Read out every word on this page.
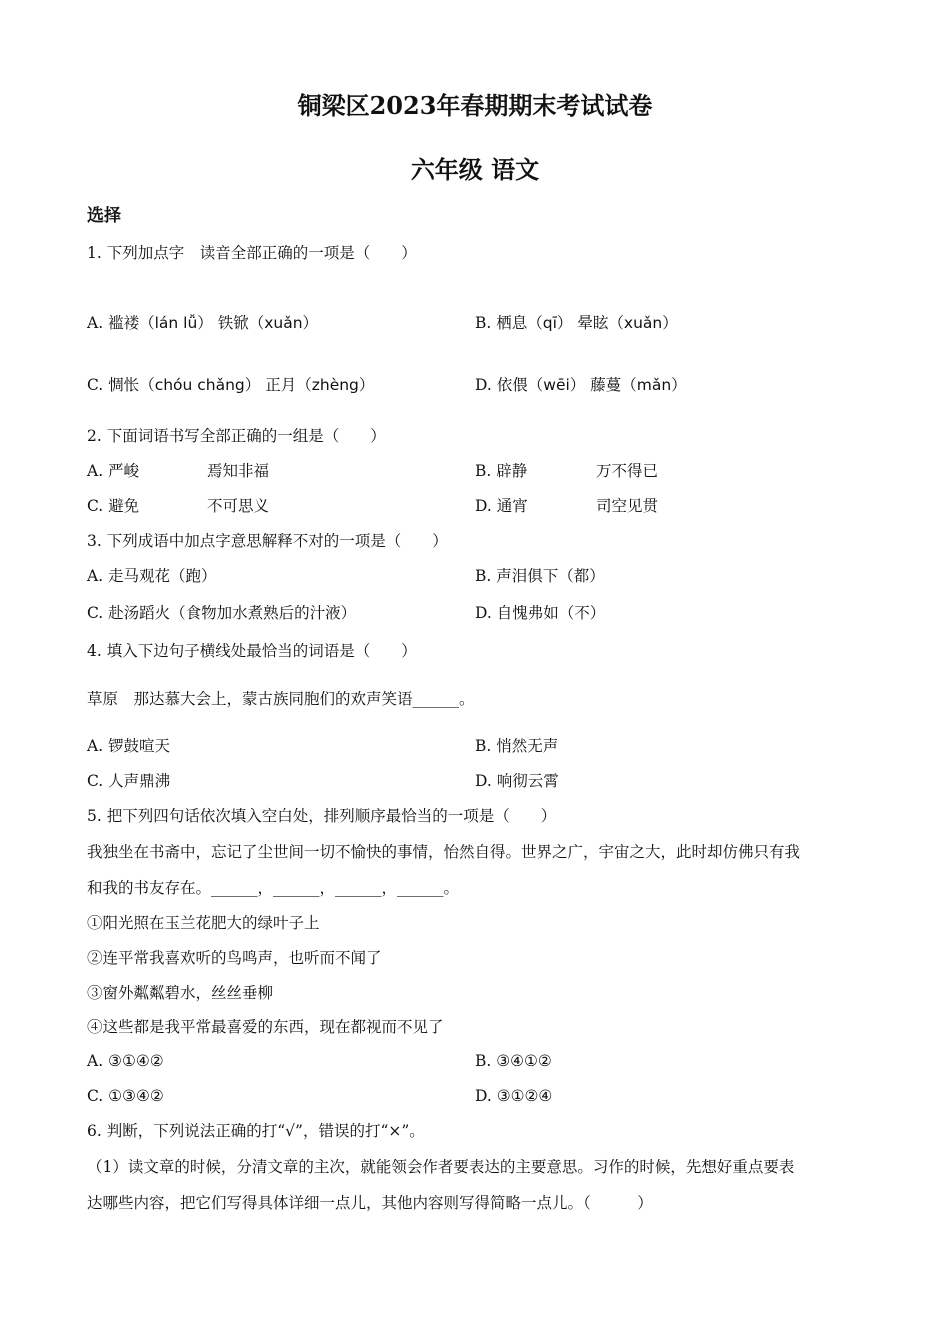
铜梁区2023年春期期末考试试卷
六年级 语文
选择
1. 下列加点字　读音全部正确的一项是（　　）
A. 褴褛（lán lǚ） 铁锨（xuǎn）	B. 栖息（qī） 晕眩（xuǎn）
C. 惆怅（chóu chǎng） 正月（zhèng）	D. 依偎（wēi） 藤蔓（mǎn）
2. 下面词语书写全部正确的一组是（　　）
A. 严峻	焉知非福	B. 辟静	万不得已
C. 避免	不可思义	D. 通宵	司空见贯
3. 下列成语中加点字意思解释不对的一项是（　　）
A. 走马观花（跑）	B. 声泪俱下（都）
C. 赴汤蹈火（食物加水煮熟后的汁液）	D. 自愧弗如（不）
4. 填入下边句子横线处最恰当的词语是（　　）
草原　那达慕大会上，蒙古族同胞们的欢声笑语______。
A. 锣鼓喧天	B. 悄然无声
C. 人声鼎沸	D. 响彻云霄
5. 把下列四句话依次填入空白处，排列顺序最恰当的一项是（　　）
我独坐在书斋中，忘记了尘世间一切不愉快的事情，怡然自得。世界之广，宇宙之大，此时却仿佛只有我
和我的书友存在。______，______，______，______。
①阳光照在玉兰花肥大的绿叶子上
②连平常我喜欢听的鸟鸣声，也听而不闻了
③窗外粼粼碧水，丝丝垂柳
④这些都是我平常最喜爱的东西，现在都视而不见了
A. ③①④②	B. ③④①②
C. ①③④②	D. ③①②④
6. 判断，下列说法正确的打“√”，错误的打“×”。
（1）读文章的时候，分清文章的主次，就能领会作者要表达的主要意思。习作的时候，先想好重点要表
达哪些内容，把它们写得具体详细一点儿，其他内容则写得简略一点儿。（　　　）
